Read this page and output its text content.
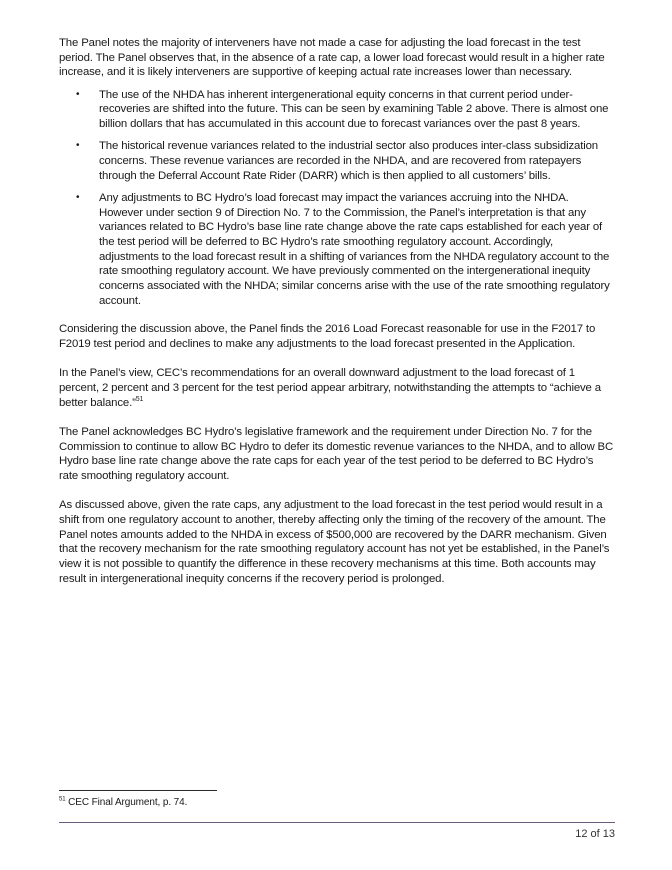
The Panel notes the majority of interveners have not made a case for adjusting the load forecast in the test period. The Panel observes that, in the absence of a rate cap, a lower load forecast would result in a higher rate increase, and it is likely interveners are supportive of keeping actual rate increases lower than necessary.

• The use of the NHDA has inherent intergenerational equity concerns in that current period under-recoveries are shifted into the future. This can be seen by examining Table 2 above. There is almost one billion dollars that has accumulated in this account due to forecast variances over the past 8 years.
• The historical revenue variances related to the industrial sector also produces inter-class subsidization concerns. These revenue variances are recorded in the NHDA, and are recovered from ratepayers through the Deferral Account Rate Rider (DARR) which is then applied to all customers’ bills.
• Any adjustments to BC Hydro’s load forecast may impact the variances accruing into the NHDA. However under section 9 of Direction No. 7 to the Commission, the Panel’s interpretation is that any variances related to BC Hydro’s base line rate change above the rate caps established for each year of the test period will be deferred to BC Hydro’s rate smoothing regulatory account. Accordingly, adjustments to the load forecast result in a shifting of variances from the NHDA regulatory account to the rate smoothing regulatory account. We have previously commented on the intergenerational inequity concerns associated with the NHDA; similar concerns arise with the use of the rate smoothing regulatory account.

Considering the discussion above, the Panel finds the 2016 Load Forecast reasonable for use in the F2017 to F2019 test period and declines to make any adjustments to the load forecast presented in the Application.

In the Panel’s view, CEC’s recommendations for an overall downward adjustment to the load forecast of 1 percent, 2 percent and 3 percent for the test period appear arbitrary, notwithstanding the attempts to “achieve a better balance.”$^{51}$

The Panel acknowledges BC Hydro’s legislative framework and the requirement under Direction No. 7 for the Commission to continue to allow BC Hydro to defer its domestic revenue variances to the NHDA, and to allow BC Hydro base line rate change above the rate caps for each year of the test period to be deferred to BC Hydro’s rate smoothing regulatory account.

As discussed above, given the rate caps, any adjustment to the load forecast in the test period would result in a shift from one regulatory account to another, thereby affecting only the timing of the recovery of the amount. The Panel notes amounts added to the NHDA in excess of $500,000 are recovered by the DARR mechanism. Given that the recovery mechanism for the rate smoothing regulatory account has not yet be established, in the Panel’s view it is not possible to quantify the difference in these recovery mechanisms at this time. Both accounts may result in intergenerational inequity concerns if the recovery period is prolonged.

$^{51}$ CEC Final Argument, p. 74.
12 of 13
